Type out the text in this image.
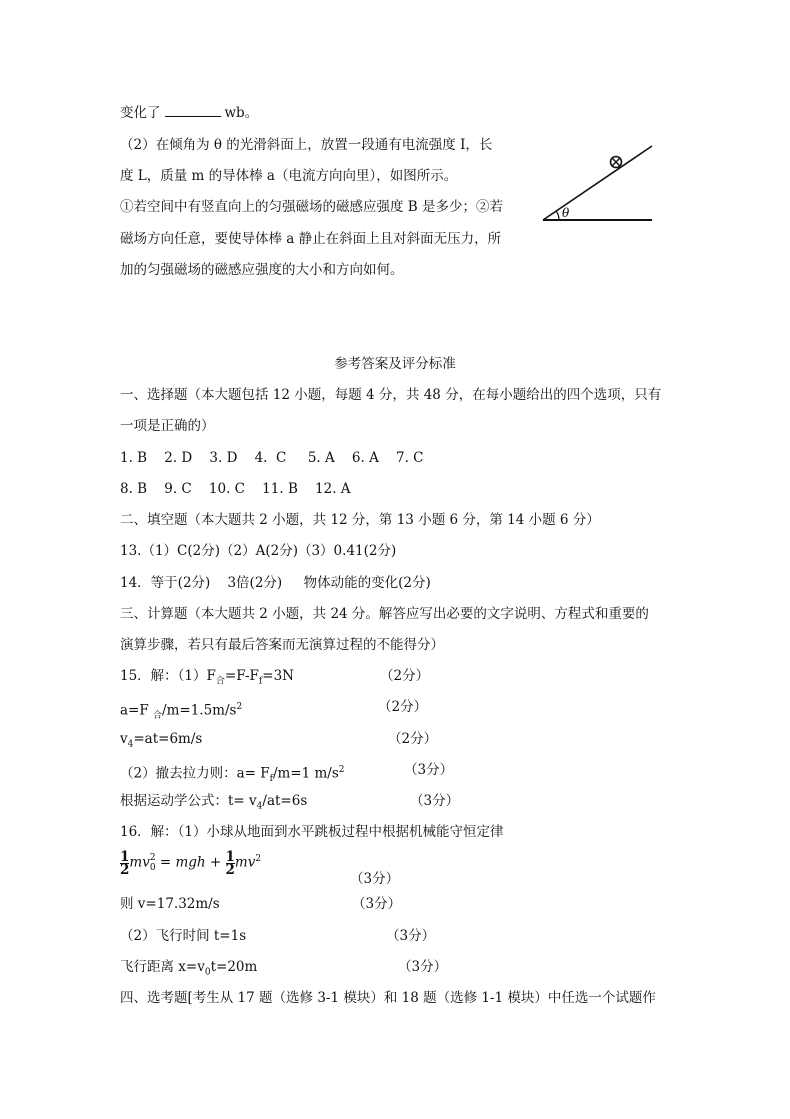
变化了	wb。
（2）在倾角为 θ 的光滑斜面上，放置一段通有电流强度 I，长
度 L，质量 m 的导体棒 a（电流方向向里），如图所示。
①若空间中有竖直向上的匀强磁场的磁感应强度 B 是多少；②若
磁场方向任意，要使导体棒 a 静止在斜面上且对斜面无压力，所
加的匀强磁场的磁感应强度的大小和方向如何。
θ
参考答案及评分标准
一、选择题（本大题包括 12 小题，每题 4 分，共 48 分，在每小题给出的四个选项，只有
一项是正确的）
1. B    2. D    3. D    4.  C     5. A    6. A    7. C
8. B    9. C    10. C    11. B    12. A
二、填空题（本大题共 2 小题，共 12 分，第 13 小题 6 分，第 14 小题 6 分）
13.（1）C(2分)（2）A(2分)（3）0.41(2分)
14．等于(2分)    3倍(2分)     物体动能的变化(2分)
三、计算题（本大题共 2 小题，共 24 分。解答应写出必要的文字说明、方程式和重要的
演算步骤，若只有最后答案而无演算过程的不能得分）
15．解：$(1)F_合=F-F_f=3N$	（2分）
a=F $_合/m=1.5m/s^2$	（2分）
$v_4=at=6m/s$	（2分）
（2）撤去拉力则：$a= F_f/m=1$ $m/s^2$	（3分）
根据运动学公式：$t= v_4/at=6s$	（3分）
16．解：（1）小球从地面到水平跳板过程中根据机械能守恒定律
$\frac{1}{2}$ mv 2
0 = mgh + $\frac{1}{2} mv^2$
（3分）
则 v=17.32m/s	（3分）
（2）飞行时间 t=1s	（3分）
飞行距离 $x=v_0t=20m$	（3分）
四、选考题[考生从 17 题（选修 3-1 模块）和 18 题（选修 1-1 模块）中任选一个试题作
